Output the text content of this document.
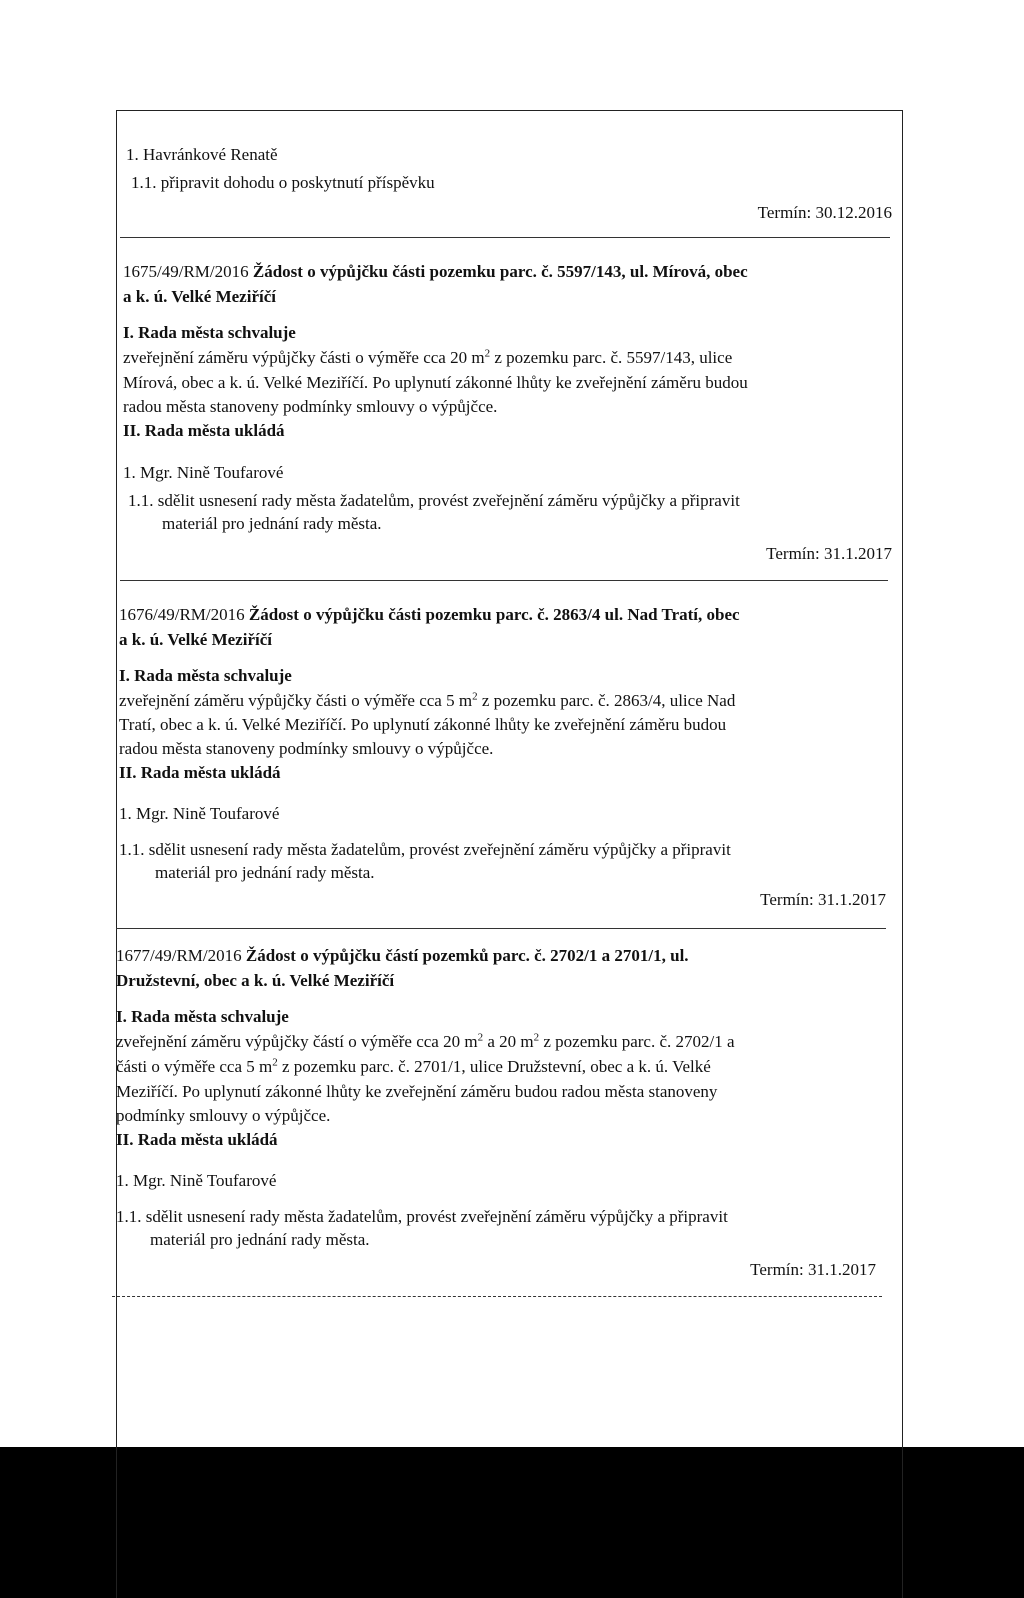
1. Havránkové Renatě
1.1. připravit dohodu o poskytnutí příspěvku
Termín: 30.12.2016
1675/49/RM/2016 Žádost o výpůjčku části pozemku parc. č. 5597/143, ul. Mírová, obec
a k. ú. Velké Meziříčí
I. Rada města schvaluje
zveřejnění záměru výpůjčky části o výměře cca 20 $m^2$ z pozemku parc. č. 5597/143, ulice
Mírová, obec a k. ú. Velké Meziříčí. Po uplynutí zákonné lhůty ke zveřejnění záměru budou
radou města stanoveny podmínky smlouvy o výpůjčce.
II. Rada města ukládá
1. Mgr. Nině Toufarové
1.1. sdělit usnesení rady města žadatelům, provést zveřejnění záměru výpůjčky a připravit
materiál pro jednání rady města.
Termín: 31.1.2017
1676/49/RM/2016 Žádost o výpůjčku části pozemku parc. č. 2863/4 ul. Nad Tratí, obec
a k. ú. Velké Meziříčí
I. Rada města schvaluje
zveřejnění záměru výpůjčky části o výměře cca 5 $m^2$ z pozemku parc. č. 2863/4, ulice Nad
Tratí, obec a k. ú. Velké Meziříčí. Po uplynutí zákonné lhůty ke zveřejnění záměru budou
radou města stanoveny podmínky smlouvy o výpůjčce.
II. Rada města ukládá
1. Mgr. Nině Toufarové
1.1. sdělit usnesení rady města žadatelům, provést zveřejnění záměru výpůjčky a připravit
materiál pro jednání rady města.
Termín: 31.1.2017
1677/49/RM/2016 Žádost o výpůjčku částí pozemků parc. č. 2702/1 a 2701/1, ul.
Družstevní, obec a k. ú. Velké Meziříčí
I. Rada města schvaluje
zveřejnění záměru výpůjčky částí o výměře cca 20 $m^2$ a 20 $m^2$ z pozemku parc. č. 2702/1 a
části o výměře cca 5 $m^2$ z pozemku parc. č. 2701/1, ulice Družstevní, obec a k. ú. Velké
Meziříčí. Po uplynutí zákonné lhůty ke zveřejnění záměru budou radou města stanoveny
podmínky smlouvy o výpůjčce.
II. Rada města ukládá
1. Mgr. Nině Toufarové
1.1. sdělit usnesení rady města žadatelům, provést zveřejnění záměru výpůjčky a připravit
materiál pro jednání rady města.
Termín: 31.1.2017
